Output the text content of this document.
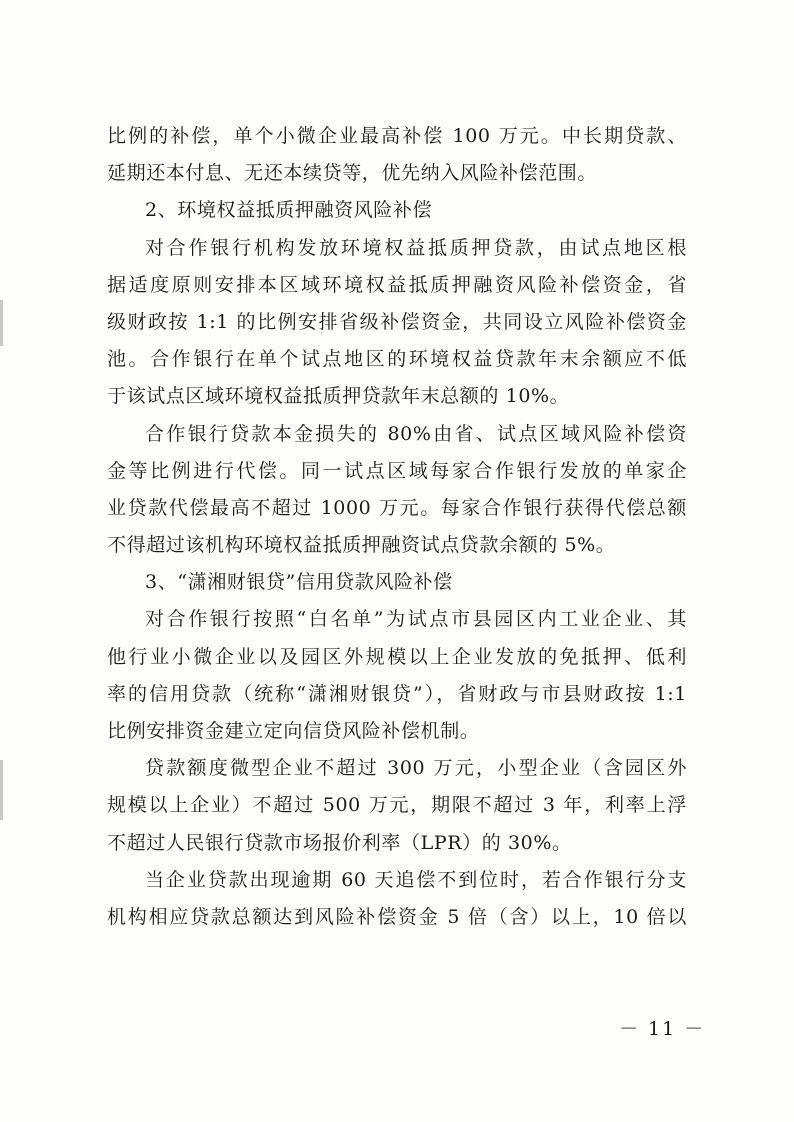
比例的补偿，单个小微企业最高补偿 100 万元。中长期贷款、
延期还本付息、无还本续贷等，优先纳入风险补偿范围。
2、环境权益抵质押融资风险补偿
对合作银行机构发放环境权益抵质押贷款，由试点地区根
据适度原则安排本区域环境权益抵质押融资风险补偿资金，省
级财政按 1:1 的比例安排省级补偿资金，共同设立风险补偿资金
池。合作银行在单个试点地区的环境权益贷款年末余额应不低
于该试点区域环境权益抵质押贷款年末总额的 10%。
合作银行贷款本金损失的 80%由省、试点区域风险补偿资
金等比例进行代偿。同一试点区域每家合作银行发放的单家企
业贷款代偿最高不超过 1000 万元。每家合作银行获得代偿总额
不得超过该机构环境权益抵质押融资试点贷款余额的 5%。
3、“潇湘财银贷”信用贷款风险补偿
对合作银行按照“白名单”为试点市县园区内工业企业、其
他行业小微企业以及园区外规模以上企业发放的免抵押、低利
率的信用贷款（统称“潇湘财银贷”），省财政与市县财政按 1:1
比例安排资金建立定向信贷风险补偿机制。
贷款额度微型企业不超过 300 万元，小型企业（含园区外
规模以上企业）不超过 500 万元，期限不超过 3 年，利率上浮
不超过人民银行贷款市场报价利率（LPR）的 30%。
当企业贷款出现逾期 60 天追偿不到位时，若合作银行分支
机构相应贷款总额达到风险补偿资金 5 倍（含）以上，10 倍以
－ 11 －
